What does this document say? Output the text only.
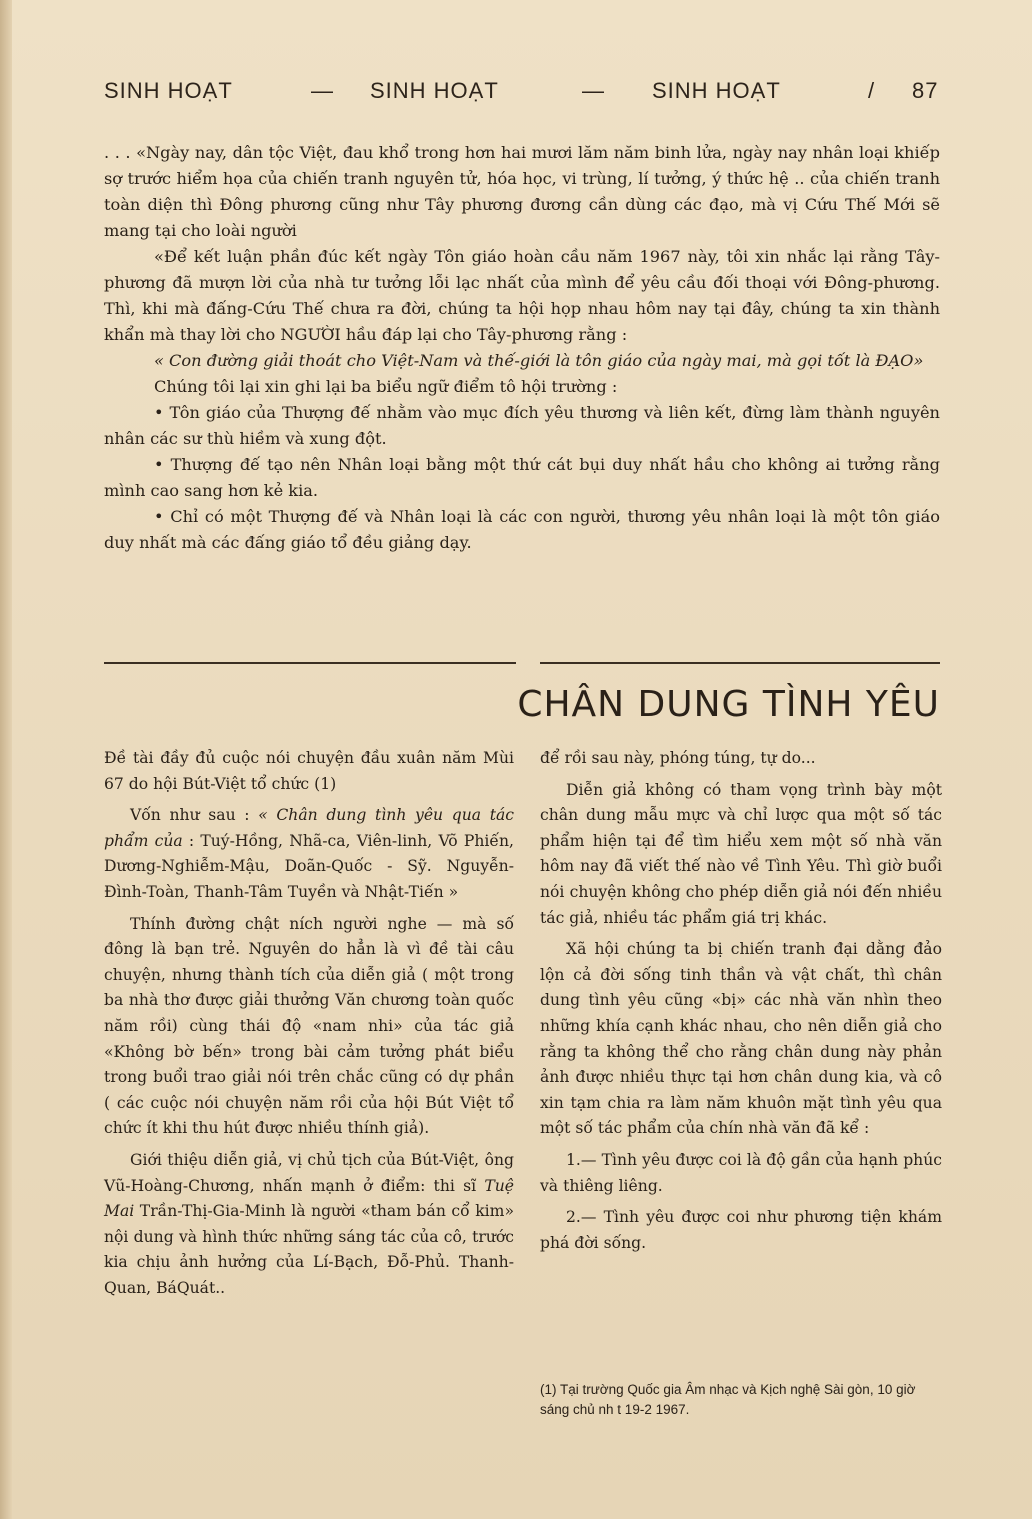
SINH HOẠT	— SINH HOẠT	— SINH HOẠT	/ 87

. . . «Ngày nay, dân tộc Việt, đau khổ trong hơn hai mươi lăm năm binh lửa, ngày nay nhân loại khiếp sợ trước hiểm họa của chiến tranh nguyên tử, hóa học, vi trùng, lí tưởng, ý thức hệ .. của chiến tranh toàn diện thì Đông phương cũng như Tây phương đương cần dùng các đạo, mà vị Cứu Thế Mới sẽ mang tại cho loài người

«Để kết luận phần đúc kết ngày Tôn giáo hoàn cầu năm 1967 này, tôi xin nhắc lại rằng Tây-phương đã mượn lời của nhà tư tưởng lỗi lạc nhất của mình để yêu cầu đối thoại với Đông-phương. Thì, khi mà đấng-Cứu Thế chưa ra đời, chúng ta hội họp nhau hôm nay tại đây, chúng ta xin thành khẩn mà thay lời cho NGƯỜI hầu đáp lại cho Tây-phương rằng :

« Con đường giải thoát cho Việt-Nam và thế-giới là tôn giáo của ngày mai, mà gọi tốt là ĐẠO»

Chúng tôi lại xin ghi lại ba biểu ngữ điểm tô hội trường :

• Tôn giáo của Thượng đế nhằm vào mục đích yêu thương và liên kết, đừng làm thành nguyên nhân các sư thù hiềm và xung đột.

• Thượng đế tạo nên Nhân loại bằng một thứ cát bụi duy nhất hầu cho không ai tưởng rằng mình cao sang hơn kẻ kia.

• Chỉ có một Thượng đế và Nhân loại là các con người, thương yêu nhân loại là một tôn giáo duy nhất mà các đấng giáo tổ đều giảng dạy.

CHÂN DUNG TÌNH YÊU

Đề tài đầy đủ cuộc nói chuyện đầu xuân năm Mùi 67 do hội Bút-Việt tổ chức (1)

Vốn như sau : « Chân dung tình yêu qua tác phẩm của : Tuý-Hồng, Nhã-ca, Viên-linh, Võ Phiến, Dương-Nghiễm-Mậu, Doãn-Quốc - Sỹ. Nguyễn-Đình-Toàn, Thanh-Tâm Tuyền và Nhật-Tiến »

Thính đường chật ních người nghe — mà số đông là bạn trẻ. Nguyên do hẳn là vì đề tài câu chuyện, nhưng thành tích của diễn giả ( một trong ba nhà thơ được giải thưởng Văn chương toàn quốc năm rồi) cùng thái độ «nam nhi» của tác giả «Không bờ bến» trong bài cảm tưởng phát biểu trong buổi trao giải nói trên chắc cũng có dự phần ( các cuộc nói chuyện năm rồi của hội Bút Việt tổ chức ít khi thu hút được nhiều thính giả).

Giới thiệu diễn giả, vị chủ tịch của Bút-Việt, ông Vũ-Hoàng-Chương, nhấn mạnh ở điểm: thi sĩ Tuệ Mai Trần-Thị-Gia-Minh là người «tham bán cổ kim» nội dung và hình thức những sáng tác của cô, trước kia chịu ảnh hưởng của Lí-Bạch, Đỗ-Phủ. Thanh-Quan, BáQuát..

để rồi sau này, phóng túng, tự do...

Diễn giả không có tham vọng trình bày một chân dung mẫu mực và chỉ lược qua một số tác phẩm hiện tại để tìm hiểu xem một số nhà văn hôm nay đã viết thế nào về Tình Yêu. Thì giờ buổi nói chuyện không cho phép diễn giả nói đến nhiều tác giả, nhiều tác phẩm giá trị khác.

Xã hội chúng ta bị chiến tranh đại dằng đảo lộn cả đời sống tinh thần và vật chất, thì chân dung tình yêu cũng «bị» các nhà văn nhìn theo những khía cạnh khác nhau, cho nên diễn giả cho rằng ta không thể cho rằng chân dung này phản ảnh được nhiều thực tại hơn chân dung kia, và cô xin tạm chia ra làm năm khuôn mặt tình yêu qua một số tác phẩm của chín nhà văn đã kể :

1.— Tình yêu được coi là độ gần của hạnh phúc và thiêng liêng.

2.— Tình yêu được coi như phương tiện khám phá đời sống.

(1) Tại trường Quốc gia Âm nhạc và Kịch nghệ Sài gòn, 10 giờ sáng chủ nh t 19-2 1967.
